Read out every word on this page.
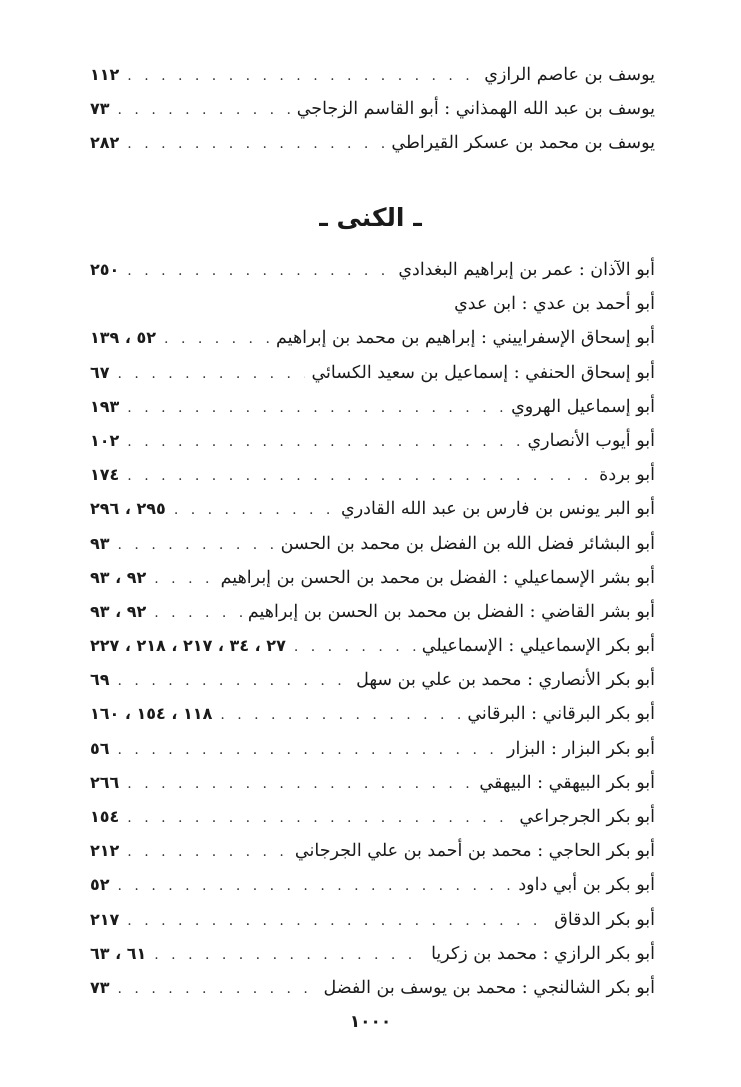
يوسف بن عاصم الرازي
. . .
١١٢
يوسف بن عبد الله الهمذاني : أبو القاسم الزجاجي
. . .
٧٣
يوسف بن محمد بن عسكر القيراطي
. . .
٢٨٢
ـ الكنى ـ
أبو الآذان : عمر بن إبراهيم البغدادي
. . .
٢٥٠
أبو أحمد بن عدي : ابن عدي
أبو إسحاق الإسفراييني : إبراهيم بن محمد بن إبراهيم
. . .
٥٢ ، ١٣٩
أبو إسحاق الحنفي : إسماعيل بن سعيد الكسائي
. . .
٦٧
أبو إسماعيل الهروي
. . .
١٩٣
أبو أيوب الأنصاري
. . .
١٠٢
أبو بردة
. . .
١٧٤
أبو البر يونس بن فارس بن عبد الله القادري
. . .
٢٩٥ ، ٢٩٦
أبو البشائر فضل الله بن الفضل بن محمد بن الحسن
. . .
٩٣
أبو بشر الإسماعيلي : الفضل بن محمد بن الحسن بن إبراهيم
. . .
٩٢ ، ٩٣
أبو بشر القاضي : الفضل بن محمد بن الحسن بن إبراهيم
. . .
٩٢ ، ٩٣
أبو بكر الإسماعيلي : الإسماعيلي
. . .
٢٧ ، ٣٤ ، ٢١٧ ، ٢١٨ ، ٢٢٧
أبو بكر الأنصاري : محمد بن علي بن سهل
. . .
٦٩
أبو بكر البرقاني : البرقاني
. . .
١١٨ ، ١٥٤ ، ١٦٠
أبو بكر البزار : البزار
. . .
٥٦
أبو بكر البيهقي : البيهقي
. . .
٢٦٦
أبو بكر الجرجراعي
. . .
١٥٤
أبو بكر الحاجي : محمد بن أحمد بن علي الجرجاني
. . .
٢١٢
أبو بكر بن أبي داود
. . .
٥٢
أبو بكر الدقاق
. . .
٢١٧
أبو بكر الرازي : محمد بن زكريا
. . .
٦١ ، ٦٣
أبو بكر الشالنجي : محمد بن يوسف بن الفضل
. . .
٧٣
١٠٠٠
